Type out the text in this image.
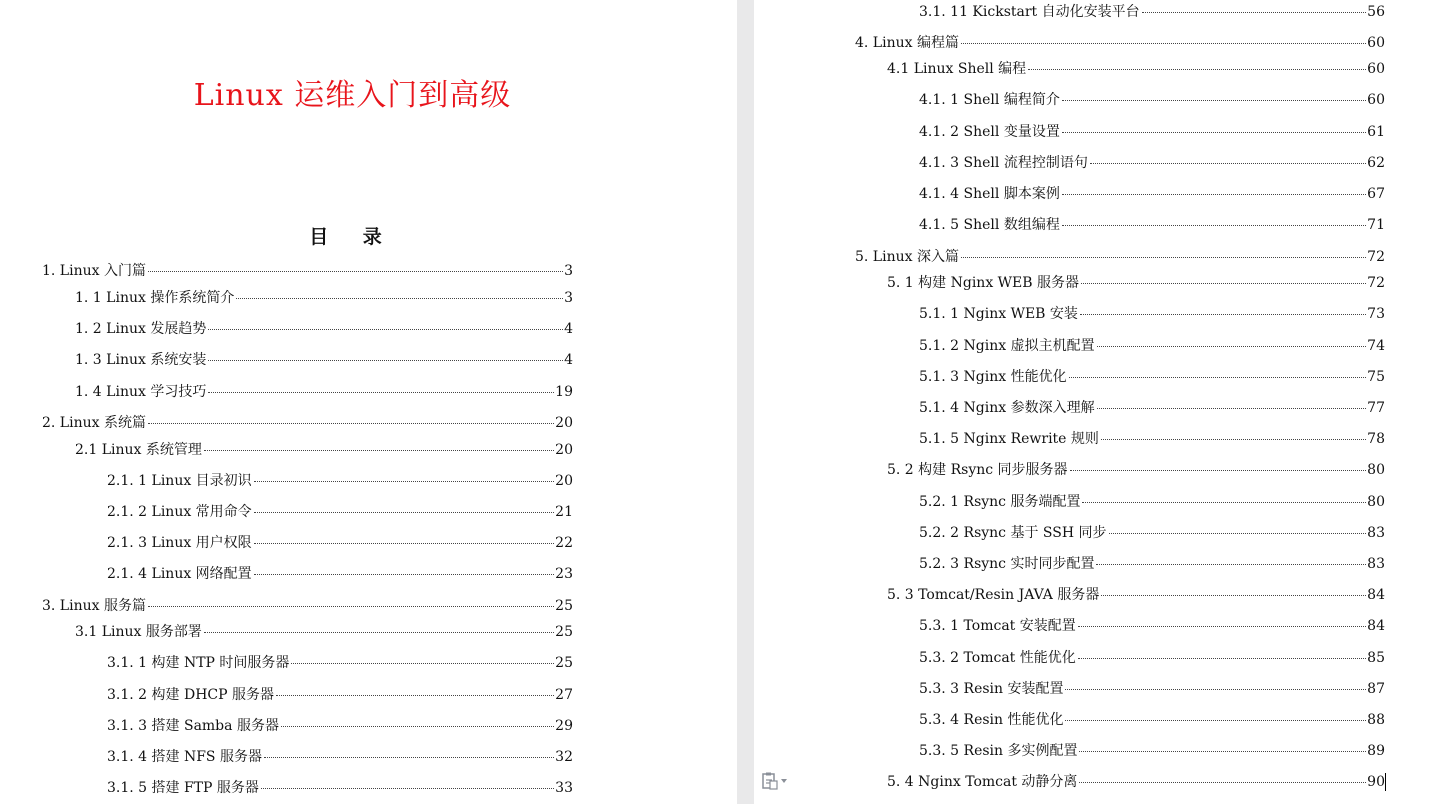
Linux 运维入门到高级
目 录
1. Linux 入门篇	3
1. 1 Linux 操作系统简介	3
1. 2 Linux 发展趋势	4
1. 3 Linux 系统安装	4
1. 4 Linux 学习技巧	19
2. Linux 系统篇	20
2.1 Linux 系统管理	20
2.1. 1 Linux 目录初识	20
2.1. 2 Linux 常用命令	21
2.1. 3 Linux 用户权限	22
2.1. 4 Linux 网络配置	23
3. Linux 服务篇	25
3.1 Linux 服务部署	25
3.1. 1 构建 NTP 时间服务器	25
3.1. 2 构建 DHCP 服务器	27
3.1. 3 搭建 Samba 服务器	29
3.1. 4 搭建 NFS 服务器	32
3.1. 5 搭建 FTP 服务器	33
3.1. 11 Kickstart 自动化安装平台	56
4. Linux 编程篇	60
4.1 Linux Shell 编程	60
4.1. 1 Shell 编程简介	60
4.1. 2 Shell 变量设置	61
4.1. 3 Shell 流程控制语句	62
4.1. 4 Shell 脚本案例	67
4.1. 5 Shell 数组编程	71
5. Linux 深入篇	72
5. 1 构建 Nginx WEB 服务器	72
5.1. 1 Nginx WEB 安装	73
5.1. 2 Nginx 虚拟主机配置	74
5.1. 3 Nginx 性能优化	75
5.1. 4 Nginx 参数深入理解	77
5.1. 5 Nginx Rewrite 规则	78
5. 2 构建 Rsync 同步服务器	80
5.2. 1 Rsync 服务端配置	80
5.2. 2 Rsync 基于 SSH 同步	83
5.2. 3 Rsync 实时同步配置	83
5. 3 Tomcat/Resin JAVA 服务器	84
5.3. 1 Tomcat 安装配置	84
5.3. 2 Tomcat 性能优化	85
5.3. 3 Resin 安装配置	87
5.3. 4 Resin 性能优化	88
5.3. 5 Resin 多实例配置	89
5. 4 Nginx Tomcat 动静分离	90
